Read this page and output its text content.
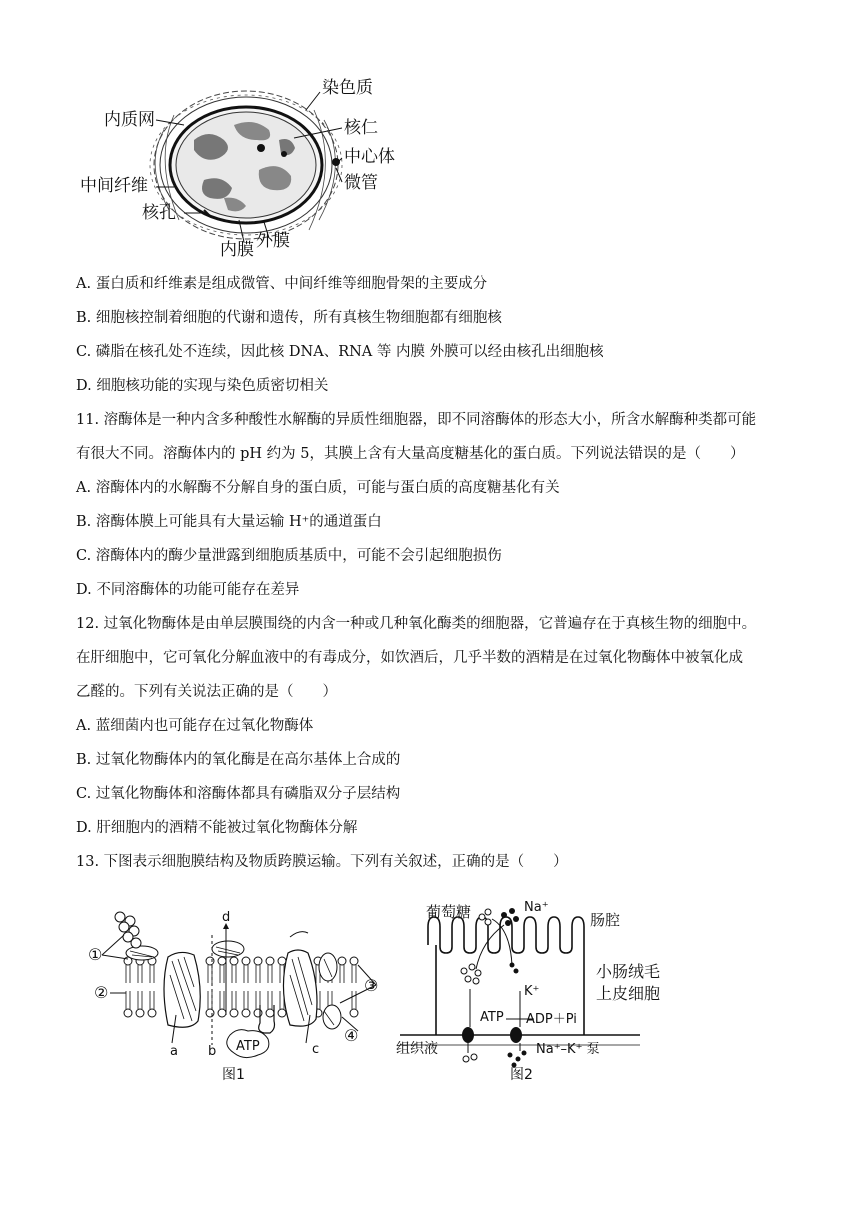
染色质
内质网	核仁
中心体
中间纤维	微管
核孔
内膜 外膜
A. 蛋白质和纤维素是组成微管、中间纤维等细胞骨架的主要成分
B. 细胞核控制着细胞的代谢和遗传，所有真核生物细胞都有细胞核
C. 磷脂在核孔处不连续，因此核 DNA、RNA 等 内膜 外膜可以经由核孔出细胞核
D. 细胞核功能的实现与染色质密切相关
11. 溶酶体是一种内含多种酸性水解酶的异质性细胞器，即不同溶酶体的形态大小，所含水解酶种类都可能
有很大不同。溶酶体内的 pH 约为 5，其膜上含有大量高度糖基化的蛋白质。下列说法错误的是（　　）
A. 溶酶体内的水解酶不分解自身的蛋白质，可能与蛋白质的高度糖基化有关
B. 溶酶体膜上可能具有大量运输 H⁺的通道蛋白
C. 溶酶体内的酶少量泄露到细胞质基质中，可能不会引起细胞损伤
D. 不同溶酶体的功能可能存在差异
12. 过氧化物酶体是由单层膜围绕的内含一种或几种氧化酶类的细胞器，它普遍存在于真核生物的细胞中。
在肝细胞中，它可氧化分解血液中的有毒成分，如饮酒后，几乎半数的酒精是在过氧化物酶体中被氧化成
乙醛的。下列有关说法正确的是（　　）
A. 蓝细菌内也可能存在过氧化物酶体
B. 过氧化物酶体内的氧化酶是在高尔基体上合成的
C. 过氧化物酶体和溶酶体都具有磷脂双分子层结构
D. 肝细胞内的酒精不能被过氧化物酶体分解
13. 下图表示细胞膜结构及物质跨膜运输。下列有关叙述，正确的是（　　）
ATP
①
②	③
④
a b	c
d
图1
葡萄糖	Na⁺
肠腔
小肠绒毛
上皮细胞
K⁺
ATP ADP＋Pi
组织液	Na⁺–K⁺ 泵
图2
